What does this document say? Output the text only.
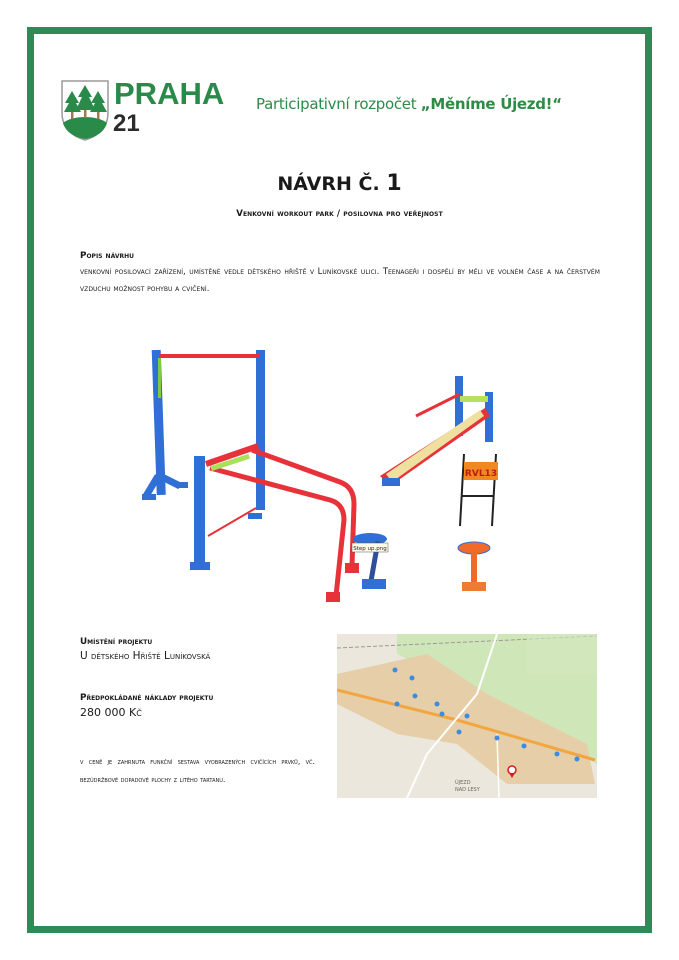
PRAHA
21
Participativní rozpočet „Měníme Újezd!“
NÁVRH Č. 1
Venkovní workout park / posilovna pro veřejnost
Popis návrhu
venkovní posilovací zařízení, umístěné vedle dětského hřiště v Luníkovské ulici. Teenageři i dospělí by měli ve volném čase a na čerstvém vzduchu možnost pohybu a cvičení.
RVL13
Step up.png
Umístění projektu
U dětského Hřiště Luníkovská
Předpokládané náklady projektu
280 000 Kč
v ceně je zahrnuta funkční sestava vyobrazených cvičících prvků, vč. bezúdržbové dopadové plochy z litého tartanu.	ÚJEZD
NAD LESY
